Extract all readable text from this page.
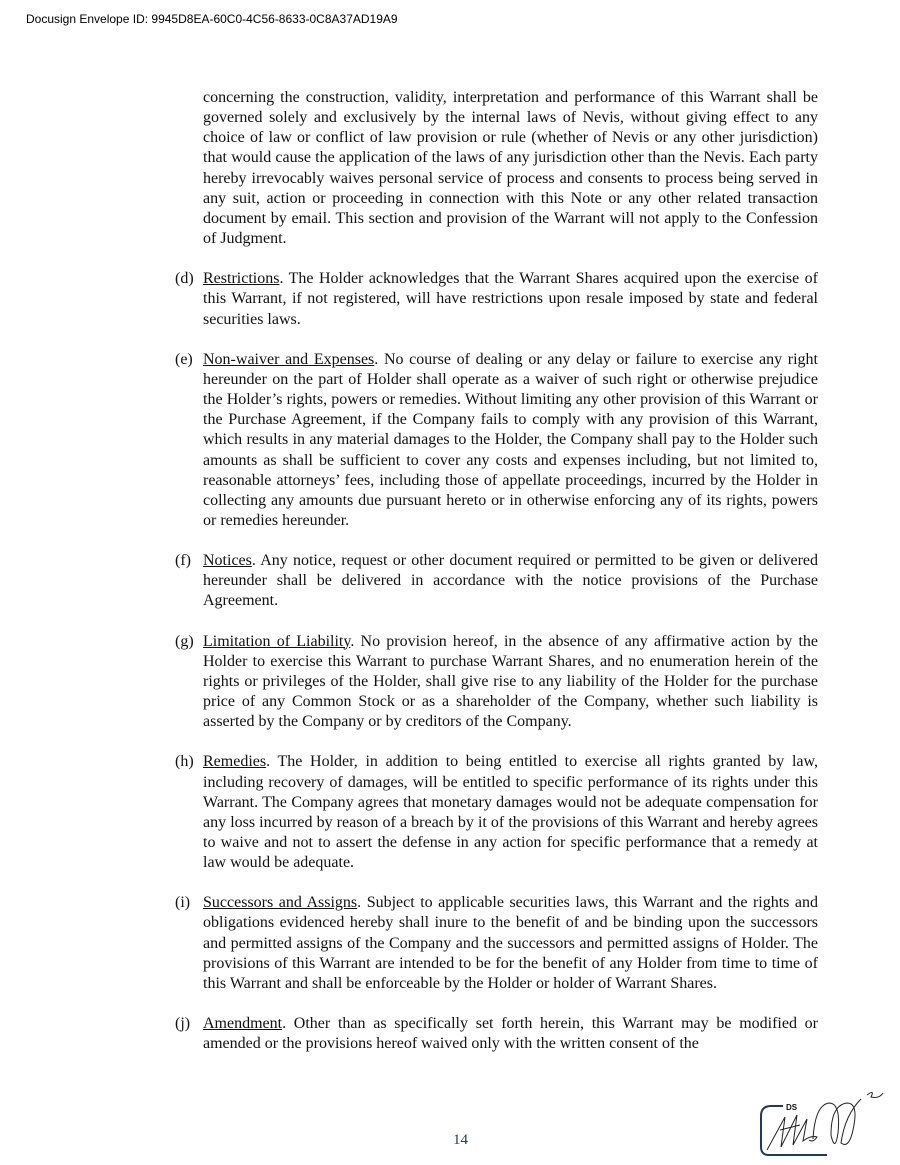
Docusign Envelope ID: 9945D8EA-60C0-4C56-8633-0C8A37AD19A9
concerning the construction, validity, interpretation and performance of this Warrant shall be governed solely and exclusively by the internal laws of Nevis, without giving effect to any choice of law or conflict of law provision or rule (whether of Nevis or any other jurisdiction) that would cause the application of the laws of any jurisdiction other than the Nevis. Each party hereby irrevocably waives personal service of process and consents to process being served in any suit, action or proceeding in connection with this Note or any other related transaction document by email. This section and provision of the Warrant will not apply to the Confession of Judgment.
(d) Restrictions. The Holder acknowledges that the Warrant Shares acquired upon the exercise of this Warrant, if not registered, will have restrictions upon resale imposed by state and federal securities laws.
(e) Non-waiver and Expenses. No course of dealing or any delay or failure to exercise any right hereunder on the part of Holder shall operate as a waiver of such right or otherwise prejudice the Holder’s rights, powers or remedies. Without limiting any other provision of this Warrant or the Purchase Agreement, if the Company fails to comply with any provision of this Warrant, which results in any material damages to the Holder, the Company shall pay to the Holder such amounts as shall be sufficient to cover any costs and expenses including, but not limited to, reasonable attorneys’ fees, including those of appellate proceedings, incurred by the Holder in collecting any amounts due pursuant hereto or in otherwise enforcing any of its rights, powers or remedies hereunder.
(f) Notices. Any notice, request or other document required or permitted to be given or delivered hereunder shall be delivered in accordance with the notice provisions of the Purchase Agreement.
(g) Limitation of Liability. No provision hereof, in the absence of any affirmative action by the Holder to exercise this Warrant to purchase Warrant Shares, and no enumeration herein of the rights or privileges of the Holder, shall give rise to any liability of the Holder for the purchase price of any Common Stock or as a shareholder of the Company, whether such liability is asserted by the Company or by creditors of the Company.
(h) Remedies. The Holder, in addition to being entitled to exercise all rights granted by law, including recovery of damages, will be entitled to specific performance of its rights under this Warrant. The Company agrees that monetary damages would not be adequate compensation for any loss incurred by reason of a breach by it of the provisions of this Warrant and hereby agrees to waive and not to assert the defense in any action for specific performance that a remedy at law would be adequate.
(i) Successors and Assigns. Subject to applicable securities laws, this Warrant and the rights and obligations evidenced hereby shall inure to the benefit of and be binding upon the successors and permitted assigns of the Company and the successors and permitted assigns of Holder. The provisions of this Warrant are intended to be for the benefit of any Holder from time to time of this Warrant and shall be enforceable by the Holder or holder of Warrant Shares.
(j) Amendment. Other than as specifically set forth herein, this Warrant may be modified or amended or the provisions hereof waived only with the written consent of the
14
DS
